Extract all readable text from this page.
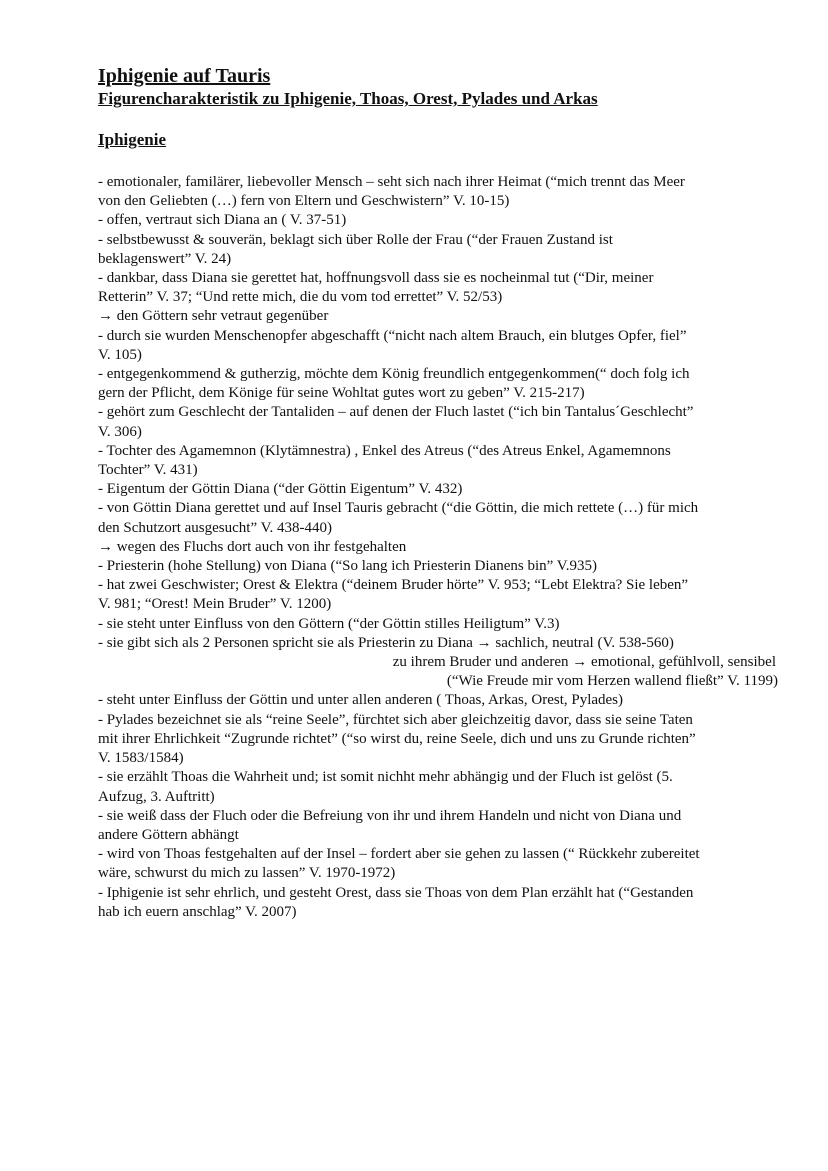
Iphigenie auf Tauris
Figurencharakteristik zu Iphigenie, Thoas, Orest, Pylades und Arkas
Iphigenie
- emotionaler, familärer, liebevoller Mensch – seht sich nach ihrer Heimat (“mich trennt das Meer
von den Geliebten (…) fern von Eltern und Geschwistern” V. 10-15)
- offen, vertraut sich Diana an ( V. 37-51)
- selbstbewusst & souverän, beklagt sich über Rolle der Frau (“der Frauen Zustand ist
beklagenswert” V. 24)
- dankbar, dass Diana sie gerettet hat, hoffnungsvoll dass sie es nocheinmal tut (“Dir, meiner
Retterin” V. 37; “Und rette mich, die du vom tod errettet” V. 52/53)
→ den Göttern sehr vetraut gegenüber
- durch sie wurden Menschenopfer abgeschafft (“nicht nach altem Brauch, ein blutges Opfer, fiel”
V. 105)
- entgegenkommend & gutherzig, möchte dem König freundlich entgegenkommen(“ doch folg ich
gern der Pflicht, dem Könige für seine Wohltat gutes wort zu geben” V. 215-217)
- gehört zum Geschlecht der Tantaliden – auf denen der Fluch lastet (“ich bin Tantalus´Geschlecht”
V. 306)
- Tochter des Agamemnon (Klytämnestra) , Enkel des Atreus (“des Atreus Enkel, Agamemnons
Tochter” V. 431)
- Eigentum der Göttin Diana (“der Göttin Eigentum” V. 432)
- von Göttin Diana gerettet und auf Insel Tauris gebracht (“die Göttin, die mich rettete (…) für mich
den Schutzort ausgesucht” V. 438-440)
→ wegen des Fluchs dort auch von ihr festgehalten
- Priesterin (hohe Stellung) von Diana (“So lang ich Priesterin Dianens bin” V.935)
- hat zwei Geschwister; Orest & Elektra (“deinem Bruder hörte” V. 953; “Lebt Elektra? Sie leben”
V. 981; “Orest! Mein Bruder” V. 1200)
- sie steht unter Einfluss von den Göttern (“der Göttin stilles Heiligtum” V.3)
- sie gibt sich als 2 Personen spricht sie als Priesterin zu Diana → sachlich, neutral (V. 538-560)
zu ihrem Bruder und anderen → emotional, gefühlvoll, sensibel
(“Wie Freude mir vom Herzen wallend fließt” V. 1199)
- steht unter Einfluss der Göttin und unter allen anderen ( Thoas, Arkas, Orest, Pylades)
- Pylades bezeichnet sie als “reine Seele”, fürchtet sich aber gleichzeitig davor, dass sie seine Taten
mit ihrer Ehrlichkeit “Zugrunde richtet” (“so wirst du, reine Seele, dich und uns zu Grunde richten”
V. 1583/1584)
- sie erzählt Thoas die Wahrheit und; ist somit nichht mehr abhängig und der Fluch ist gelöst (5.
Aufzug, 3. Auftritt)
- sie weiß dass der Fluch oder die Befreiung von ihr und ihrem Handeln und nicht von Diana und
andere Göttern abhängt
- wird von Thoas festgehalten auf der Insel – fordert aber sie gehen zu lassen (“ Rückkehr zubereitet
wäre, schwurst du mich zu lassen” V. 1970-1972)
- Iphigenie ist sehr ehrlich, und gesteht Orest, dass sie Thoas von dem Plan erzählt hat (“Gestanden
hab ich euern anschlag” V. 2007)
